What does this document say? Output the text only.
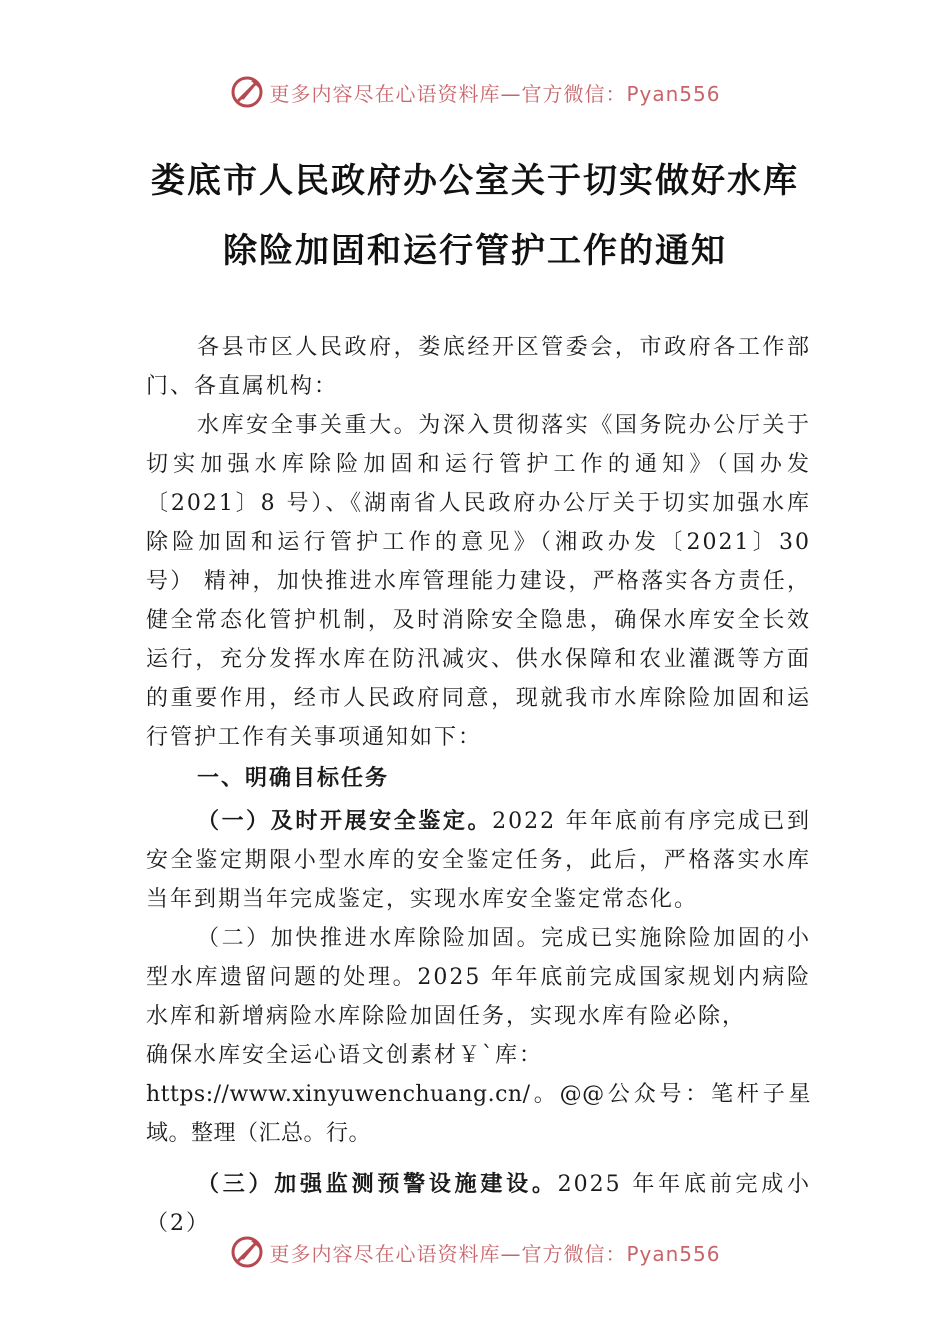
更多内容尽在心语资料库—官方微信：Pyan556
娄底市人民政府办公室关于切实做好水库
除险加固和运行管护工作的通知

各县市区人民政府，娄底经开区管委会，市政府各工作部门、各直属机构：

水库安全事关重大。为深入贯彻落实《国务院办公厅关于切实加强水库除险加固和运行管护工作的通知》（国办发〔2021〕8 号）、《湖南省人民政府办公厅关于切实加强水库除险加固和运行管护工作的意见》（湘政办发〔2021〕30 号） 精神，加快推进水库管理能力建设，严格落实各方责任，健全常态化管护机制，及时消除安全隐患，确保水库安全长效运行，充分发挥水库在防汛减灾、供水保障和农业灌溉等方面的重要作用，经市人民政府同意，现就我市水库除险加固和运行管护工作有关事项通知如下：

一、明确目标任务

（一）及时开展安全鉴定。2022 年年底前有序完成已到安全鉴定期限小型水库的安全鉴定任务，此后，严格落实水库当年到期当年完成鉴定，实现水库安全鉴定常态化。

（二）加快推进水库除险加固。完成已实施除险加固的小型水库遗留问题的处理。2025 年年底前完成国家规划内病险水库和新增病险水库除险加固任务，实现水库有险必除，

确保水库安全运心语文创素材￥`库：

https://www.xinyuwenchuang.cn/。@@公众号：笔杆子星域。整理（汇总。行。

（三）加强监测预警设施建设。2025 年年底前完成小（2）

更多内容尽在心语资料库—官方微信：Pyan556
